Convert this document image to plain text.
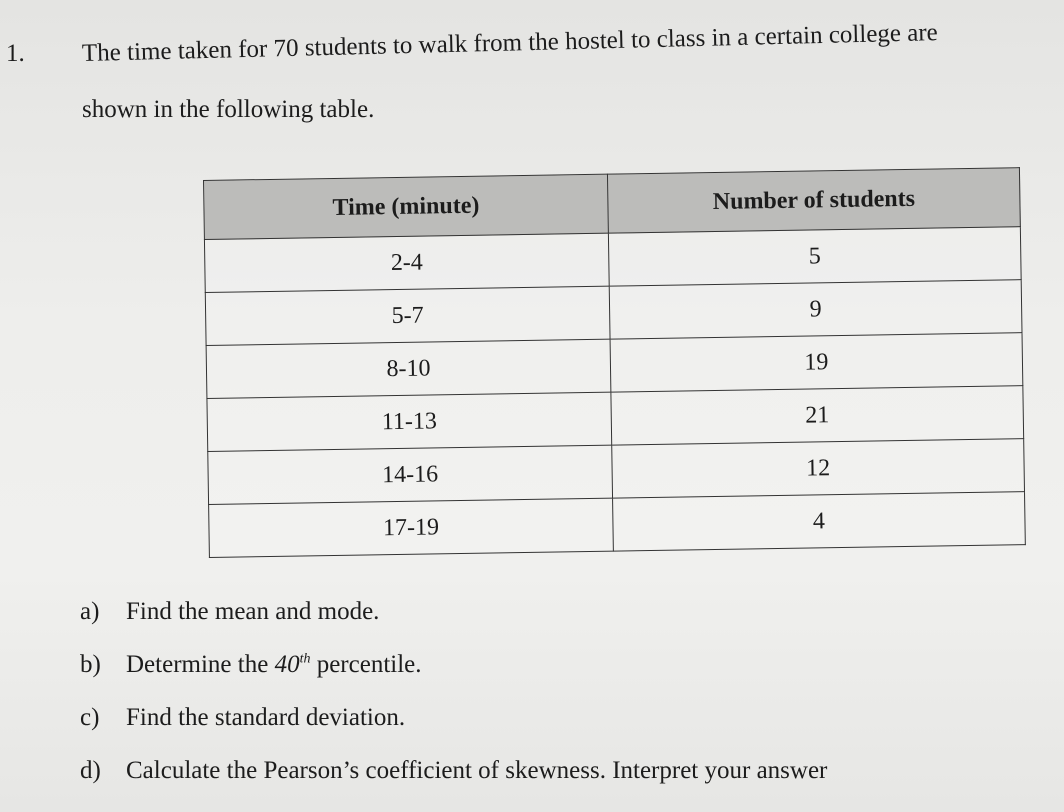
1. The time taken for 70 students to walk from the hostel to class in a certain college are
shown in the following table.
Time (minute)	Number of students
2-4	5
5-7	9
8-10	19
11-13	21
14-16	12
17-19	4
a)	Find the mean and mode.
b)	Determine the
40th
percentile.
c)	Find the standard deviation.
d)	Calculate the Pearson’s coefficient of skewness. Interpret your answer
